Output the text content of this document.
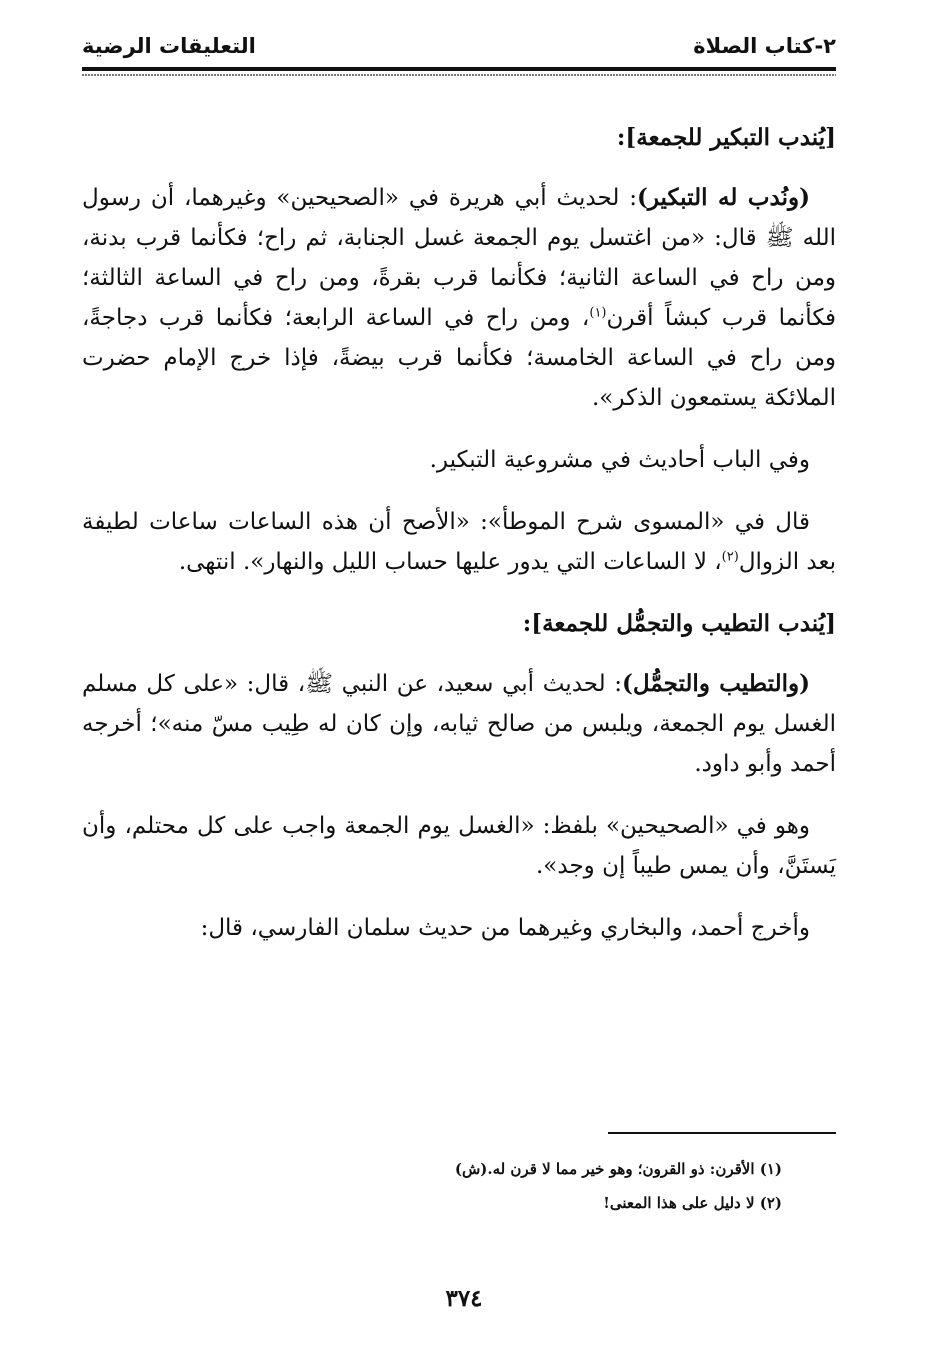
٢-كتاب الصلاة
التعليقات الرضية
[يُندب التبكير للجمعة]:

(ونُدب له التبكير): لحديث أبي هريرة في «الصحيحين» وغيرهما، أن رسول الله ﷺ قال: «من اغتسل يوم الجمعة غسل الجنابة، ثم راح؛ فكأنما قرب بدنة، ومن راح في الساعة الثانية؛ فكأنما قرب بقرةً، ومن راح في الساعة الثالثة؛ فكأنما قرب كبشاً أقرن$^{(١)}$، ومن راح في الساعة الرابعة؛ فكأنما قرب دجاجةً، ومن راح في الساعة الخامسة؛ فكأنما قرب بيضةً، فإذا خرج الإمام حضرت الملائكة يستمعون الذكر».

وفي الباب أحاديث في مشروعية التبكير.

قال في «المسوى شرح الموطأ»: «الأصح أن هذه الساعات ساعات لطيفة بعد الزوال$^{(٢)}$، لا الساعات التي يدور عليها حساب الليل والنهار». انتهى.

[يُندب التطيب والتجمُّل للجمعة]:

(والتطيب والتجمُّل): لحديث أبي سعيد، عن النبي ﷺ، قال: «على كل مسلم الغسل يوم الجمعة، ويلبس من صالح ثيابه، وإن كان له طِيب مسّ منه»؛ أخرجه أحمد وأبو داود.

وهو في «الصحيحين» بلفظ: «الغسل يوم الجمعة واجب على كل محتلم، وأن يَستَنَّ، وأن يمس طيباً إن وجد».

وأخرج أحمد، والبخاري وغيرهما من حديث سلمان الفارسي، قال:

(١) الأقرن: ذو القرون؛ وهو خير مما لا قرن له.(ش)

(٢) لا دليل على هذا المعنى!

٣٧٤
